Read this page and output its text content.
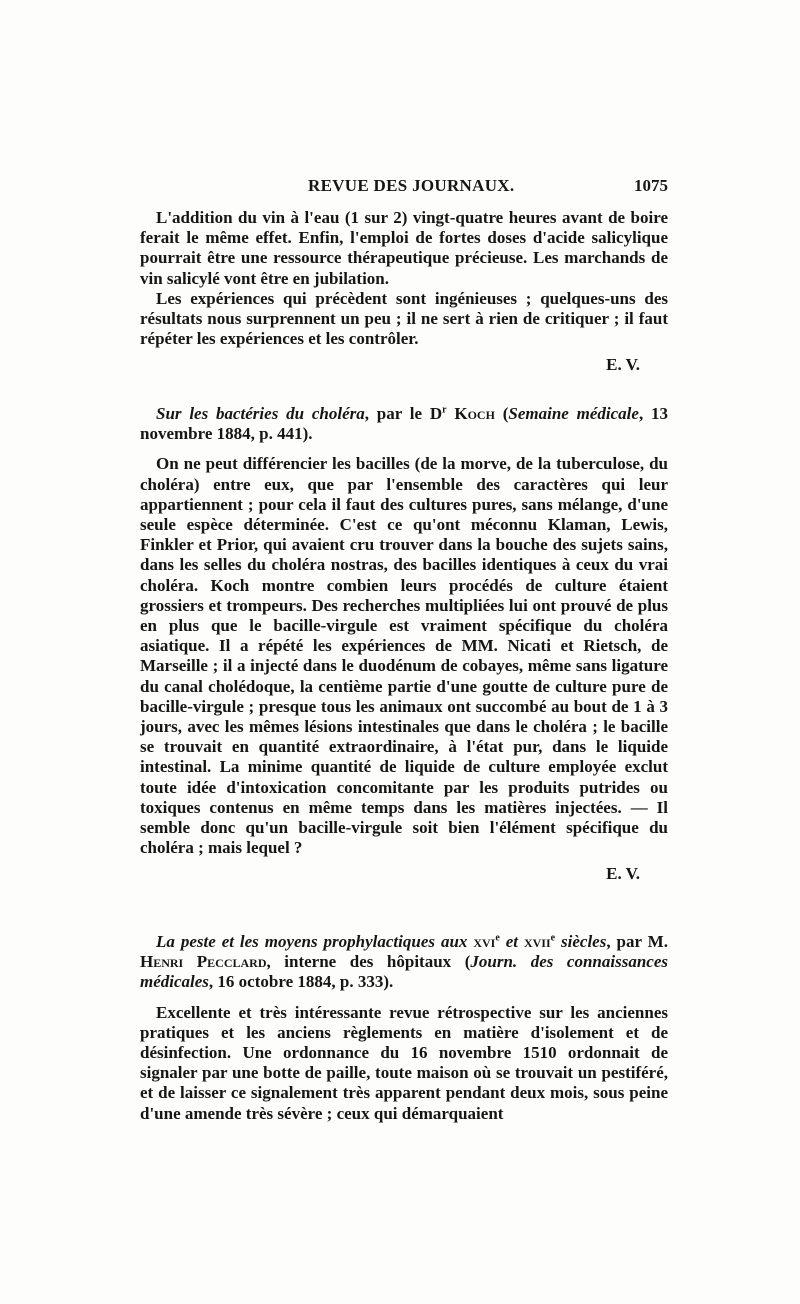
REVUE DES JOURNAUX.	1075

L'addition du vin à l'eau (1 sur 2) vingt-quatre heures avant de boire ferait le même effet. Enfin, l'emploi de fortes doses d'acide salicylique pourrait être une ressource thérapeutique précieuse. Les marchands de vin salicylé vont être en jubilation.

Les expériences qui précèdent sont ingénieuses ; quelques-uns des résultats nous surprennent un peu ; il ne sert à rien de critiquer ; il faut répéter les expériences et les contrôler.

E. V.

Sur les bactéries du choléra, par le $D^r$ Koch (Semaine médicale, 13 novembre 1884, p. 441).

On ne peut différencier les bacilles (de la morve, de la tuberculose, du choléra) entre eux, que par l'ensemble des caractères qui leur appartiennent ; pour cela il faut des cultures pures, sans mélange, d'une seule espèce déterminée. C'est ce qu'ont méconnu Klaman, Lewis, Finkler et Prior, qui avaient cru trouver dans la bouche des sujets sains, dans les selles du choléra nostras, des bacilles identiques à ceux du vrai choléra. Koch montre combien leurs procédés de culture étaient grossiers et trompeurs. Des recherches multipliées lui ont prouvé de plus en plus que le bacille-virgule est vraiment spécifique du choléra asiatique. Il a répété les expériences de MM. Nicati et Rietsch, de Marseille ; il a injecté dans le duodénum de cobayes, même sans ligature du canal cholédoque, la centième partie d'une goutte de culture pure de bacille-virgule ; presque tous les animaux ont succombé au bout de 1 à 3 jours, avec les mêmes lésions intestinales que dans le choléra ; le bacille se trouvait en quantité extraordinaire, à l'état pur, dans le liquide intestinal. La minime quantité de liquide de culture employée exclut toute idée d'intoxication concomitante par les produits putrides ou toxiques contenus en même temps dans les matières injectées. — Il semble donc qu'un bacille-virgule soit bien l'élément spécifique du choléra ; mais lequel ?

E. V.

La peste et les moyens prophylactiques aux xvi$^e$ et xvii$^e$ siècles, par M. Henri Pecclard, interne des hôpitaux (Journ. des connaissances médicales, 16 octobre 1884, p. 333).

Excellente et très intéressante revue rétrospective sur les anciennes pratiques et les anciens règlements en matière d'isolement et de désinfection. Une ordonnance du 16 novembre 1510 ordonnait de signaler par une botte de paille, toute maison où se trouvait un pestiféré, et de laisser ce signalement très apparent pendant deux mois, sous peine d'une amende très sévère ; ceux qui démarquaient
